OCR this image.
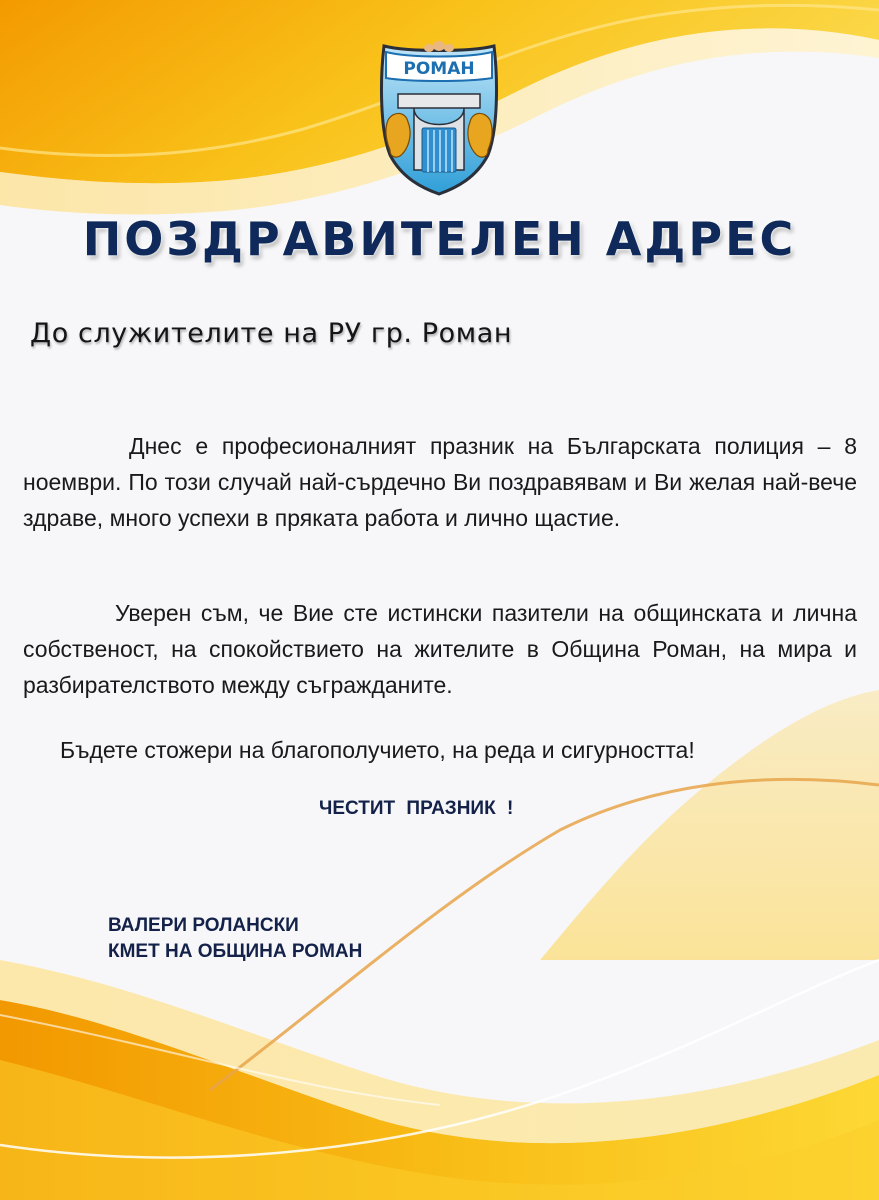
РОМАН
ПОЗДРАВИТЕЛЕН АДРЕС
До служителите на РУ гр. Роман

Днес е професионалният празник на Българската полиция – 8 ноември. По този случай най-сърдечно Ви поздравявам и Ви желая най-вече здраве, много успехи в пряката работа и лично щастие.

Уверен съм, че Вие сте истински пазители на общинската и лична собственост, на спокойствието на жителите в Община Роман, на мира и разбирателството между съгражданите.

Бъдете стожери на благополучието, на реда и сигурността!
ЧЕСТИТ ПРАЗНИК !
ВАЛЕРИ РОЛАНСКИ
КМЕТ НА ОБЩИНА РОМАН
